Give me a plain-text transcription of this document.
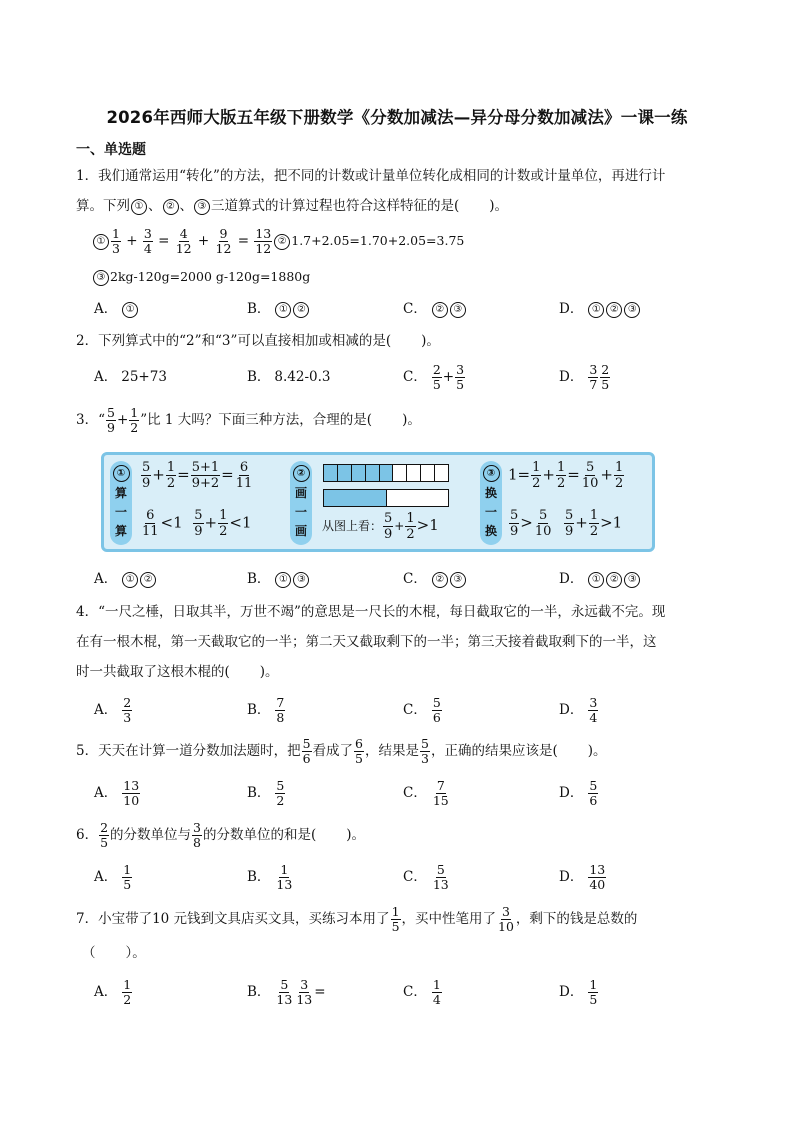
2026年西师大版五年级下册数学《分数加减法—异分母分数加减法》一课一练
一、单选题
1．我们通常运用“转化”的方法，把不同的计数或计量单位转化成相同的计数或计量单位，再进行计
算。下列 ① 、 ② 、 ③ 三道算式的计算过程也符合这样特征的是( )。
① $\frac{1}{3} + \frac{3}{4} = \frac{4}{12} + \frac{9}{12} = \frac{13}{12}$ ② 1.7+2.05=1.70+2.05=3.75
③ 2kg-120g=2000 g-120g=1880g
A． ①	B． ① ②	C． ② ③	D． ① ② ③
2．下列算式中的“2”和“3”可以直接相加或相减的是( )。
A． 25+73	B． 8.42-0.3	C． $\frac{2}{5} + \frac{3}{5}$	D． $\frac{3}{7} \frac{2}{5}$
3．“ $\frac{5}{9} + \frac{1}{2}$ ”比 1 大吗？下面三种方法，合理的是( )。
①
算
一
算
$\frac{5}{9} + \frac{1}{2} = \frac{5+1}{9+2} = \frac{6}{11}$
$\frac{6}{11} <1 \frac{5}{9} + \frac{1}{2} <1$
②
画
一
画 从图上看： $\frac{5}{9} + \frac{1}{2} >1$
③
换
一
换
$1= \frac{1}{2} + \frac{1}{2} = \frac{5}{10} + \frac{1}{2}$
$\frac{5}{9} > \frac{5}{10}$
$\frac{5}{9} + \frac{1}{2} >1$
A． ① ②	B． ① ③	C． ② ③	D． ① ② ③
4．“一尺之棰，日取其半，万世不竭”的意思是一尺长的木棍，每日截取它的一半，永远截不完。现
在有一根木棍，第一天截取它的一半；第二天又截取剩下的一半；第三天接着截取剩下的一半，这
时一共截取了这根木棍的( )。
A． $\frac{2}{3}$	B． $\frac{7}{8}$	C． $\frac{5}{6}$	D． $\frac{3}{4}$
5．天天在计算一道分数加法题时，把 $\frac{5}{6}$ 看成了 $\frac{6}{5}$ ，结果是 $\frac{5}{3}$ ，正确的结果应该是( )。
A． $\frac{13}{10}$	B． $\frac{5}{2}$	C． $\frac{7}{15}$	D． $\frac{5}{6}$
6． $\frac{2}{5}$ 的分数单位与 $\frac{3}{8}$ 的分数单位的和是( )。
A． $\frac{1}{5}$	B． $\frac{1}{13}$	C． $\frac{5}{13}$	D． $\frac{13}{40}$
7．小宝带了10 元钱到文具店买文具，买练习本用了 $\frac{1}{5}$ ，买中性笔用了 $\frac{3}{10}$ ，剩下的钱是总数的
（ ）。
A． $\frac{1}{2}$	B． $\frac{5}{13} \frac{3}{13}$ =	C． $\frac{1}{4}$	D． $\frac{1}{5}$
